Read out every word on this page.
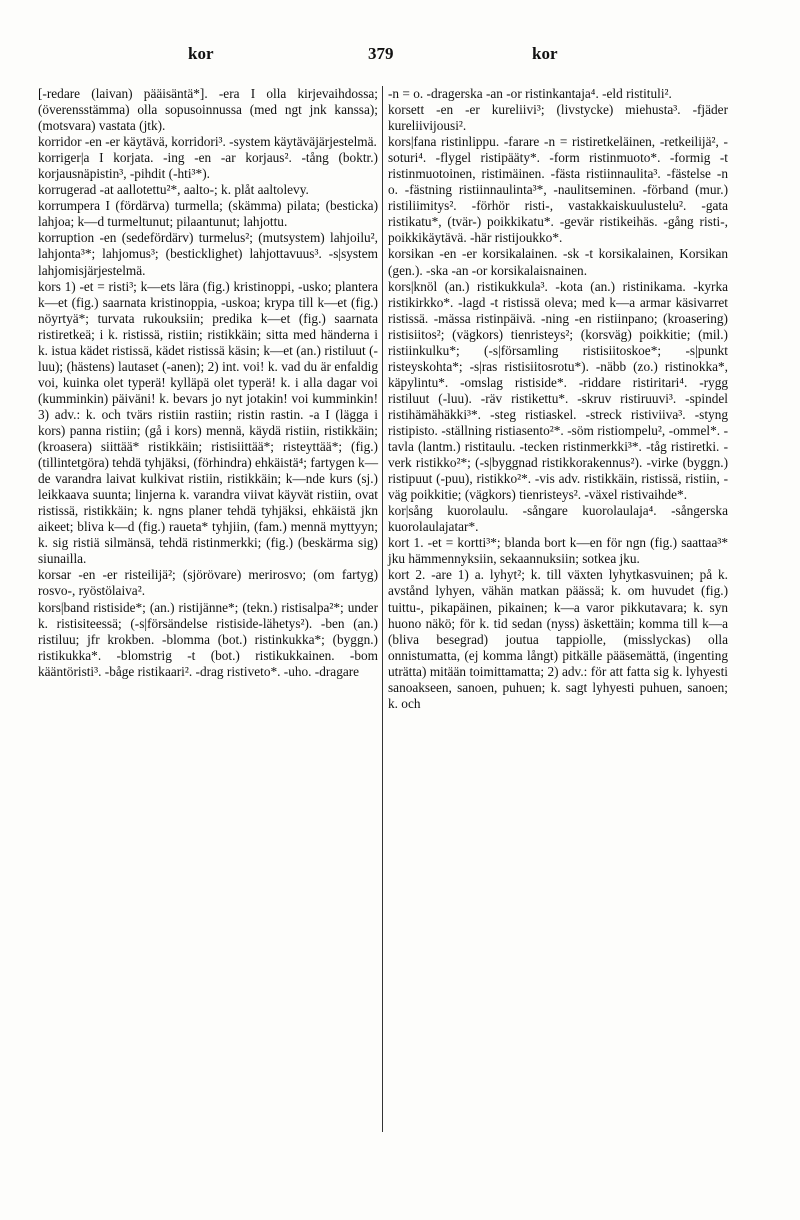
kor	379	kor

[-redare (laivan) pääisäntä*]. -era I olla kirjevaihdossa; (överensstämma) olla sopusoinnussa (med ngt jnk kanssa); (motsvara) vastata (jtk).

korridor -en -er käytävä, korridori³. -system käytäväjärjestelmä.

korriger|a I korjata. -ing -en -ar korjaus². -tång (boktr.) korjausnäpistin³, -pihdit (-hti³*).

korrugerad -at aallotettu²*, aalto-; k. plåt aaltolevy.

korrumpera I (fördärva) turmella; (skämma) pilata; (besticka) lahjoa; k—d turmeltunut; pilaantunut; lahjottu.

korruption -en (sedefördärv) turmelus²; (mutsystem) lahjoilu², lahjonta³*; lahjomus³; (besticklighet) lahjottavuus³. -s|system lahjomisjärjestelmä.

kors 1) -et = risti³; k—ets lära (fig.) kristinoppi, -usko; plantera k—et (fig.) saarnata kristinoppia, -uskoa; krypa till k—et (fig.) nöyrtyä*; turvata rukouksiin; predika k—et (fig.) saarnata ristiretkeä; i k. ristissä, ristiin; ristikkäin; sitta med händerna i k. istua kädet ristissä, kädet ristissä käsin; k—et (an.) ristiluut (-luu); (hästens) lautaset (-anen); 2) int. voi! k. vad du är enfaldig voi, kuinka olet typerä! kylläpä olet typerä! k. i alla dagar voi (kumminkin) päiväni! k. bevars jo nyt jotakin! voi kumminkin! 3) adv.: k. och tvärs ristiin rastiin; ristin rastin. -a I (lägga i kors) panna ristiin; (gå i kors) mennä, käydä ristiin, ristikkäin; (kroasera) siittää* ristikkäin; ristisiittää*; risteyttää*; (fig.) (tillintetgöra) tehdä tyhjäksi, (förhindra) ehkäistä⁴; fartygen k—de varandra laivat kulkivat ristiin, ristikkäin; k—nde kurs (sj.) leikkaava suunta; linjerna k. varandra viivat käyvät ristiin, ovat ristissä, ristikkäin; k. ngns planer tehdä tyhjäksi, ehkäistä jkn aikeet; bliva k—d (fig.) raueta* tyhjiin, (fam.) mennä myttyyn; k. sig ristiä silmänsä, tehdä ristinmerkki; (fig.) (beskärma sig) siunailla.

korsar -en -er risteilijä²; (sjörövare) merirosvo; (om fartyg) rosvo-, ryöstölaiva².

kors|band ristiside*; (an.) ristijänne*; (tekn.) ristisalpa²*; under k. ristisiteessä; (-s|försändelse ristiside-lähetys²). -ben (an.) ristiluu; jfr krokben. -blomma (bot.) ristinkukka*; (byggn.) ristikukka*. -blomstrig -t (bot.) ristikukkainen. -bom kääntöristi³. -båge ristikaari². -drag ristiveto*. -uho. -dragare

-n = o. -dragerska -an -or ristinkantaja⁴. -eld ristituli².

korsett -en -er kureliivi³; (livstycke) miehusta³. -fjäder kureliivijousi².

kors|fana ristinlippu. -farare -n = ristiretkeläinen, -retkeilijä², -soturi⁴. -flygel ristipääty*. -form ristinmuoto*. -formig -t ristinmuotoinen, ristimäinen. -fästa ristiinnaulita³. -fästelse -n o. -fästning ristiinnaulinta³*, -naulitseminen. -förband (mur.) ristiliimitys². -förhör risti-, vastakkaiskuulustelu². -gata ristikatu*, (tvär-) poikkikatu*. -gevär ristikeihäs. -gång risti-, poikkikäytävä. -här ristijoukko*.

korsikan -en -er korsikalainen. -sk -t korsikalainen, Korsikan (gen.). -ska -an -or korsikalaisnainen.

kors|knöl (an.) ristikukkula³. -kota (an.) ristinikama. -kyrka ristikirkko*. -lagd -t ristissä oleva; med k—a armar käsivarret ristissä. -mässa ristinpäivä. -ning -en ristiinpano; (kroasering) ristisiitos²; (vägkors) tienristeys²; (korsväg) poikkitie; (mil.) ristiinkulku*; (-s|församling ristisiitoskoe*; -s|punkt risteyskohta*; -s|ras ristisiitosrotu*). -näbb (zo.) ristinokka*, käpylintu*. -omslag ristiside*. -riddare ristiritari⁴. -rygg ristiluut (-luu). -räv ristikettu*. -skruv ristiruuvi³. -spindel ristihämähäkki³*. -steg ristiaskel. -streck ristiviiva³. -styng ristipisto. -ställning ristiasento²*. -söm ristiompelu², -ommel*. -tavla (lantm.) ristitaulu. -tecken ristinmerkki³*. -tåg ristiretki. -verk ristikko²*; (-s|byggnad ristikkorakennus²). -virke (byggn.) ristipuut (-puu), ristikko²*. -vis adv. ristikkäin, ristissä, ristiin, -väg poikkitie; (vägkors) tienristeys². -växel ristivaihde*.

kor|sång kuorolaulu. -sångare kuorolaulaja⁴. -sångerska kuorolaulajatar*.

kort 1. -et = kortti³*; blanda bort k—en för ngn (fig.) saattaa³* jku hämmennyksiin, sekaannuksiin; sotkea jku.

kort 2. -are 1) a. lyhyt²; k. till växten lyhytkasvuinen; på k. avstånd lyhyen, vähän matkan päässä; k. om huvudet (fig.) tuittu-, pikapäinen, pikainen; k—a varor pikkutavara; k. syn huono näkö; för k. tid sedan (nyss) äskettäin; komma till k—a (bliva besegrad) joutua tappiolle, (misslyckas) olla onnistumatta, (ej komma långt) pitkälle pääsemättä, (ingenting uträtta) mitään toimittamatta; 2) adv.: för att fatta sig k. lyhyesti sanoakseen, sanoen, puhuen; k. sagt lyhyesti puhuen, sanoen; k. och
